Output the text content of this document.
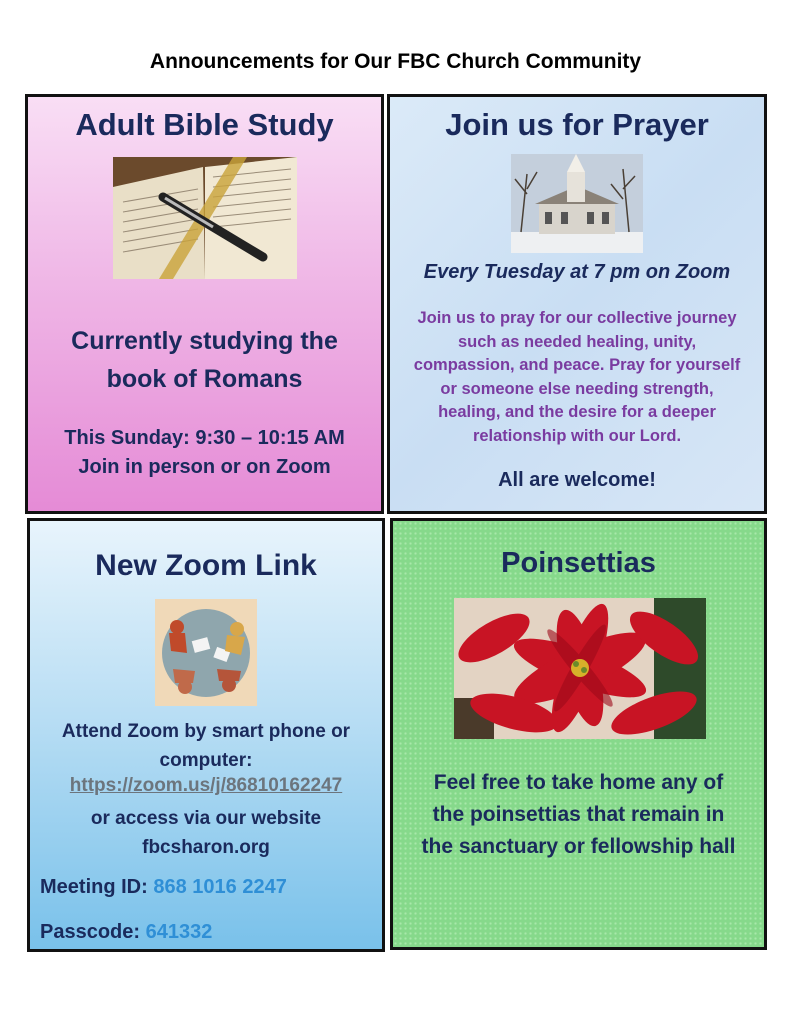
Announcements for Our FBC Church Community
Adult Bible Study
Currently studying the
book of Romans
This Sunday: 9:30 – 10:15 AM
Join in person or on Zoom
Join us for Prayer
Every Tuesday at 7 pm on Zoom
Join us to pray for our collective journey
such as needed healing, unity,
compassion, and peace. Pray for yourself
or someone else needing strength,
healing, and the desire for a deeper
relationship with our Lord.
All are welcome!
New Zoom Link
Attend Zoom by smart phone or
computer:
https://zoom.us/j/86810162247
or access via our website
fbcsharon.org
Meeting ID: 868 1016 2247
Passcode: 641332
Poinsettias
Feel free to take home any of
the poinsettias that remain in
the sanctuary or fellowship hall
